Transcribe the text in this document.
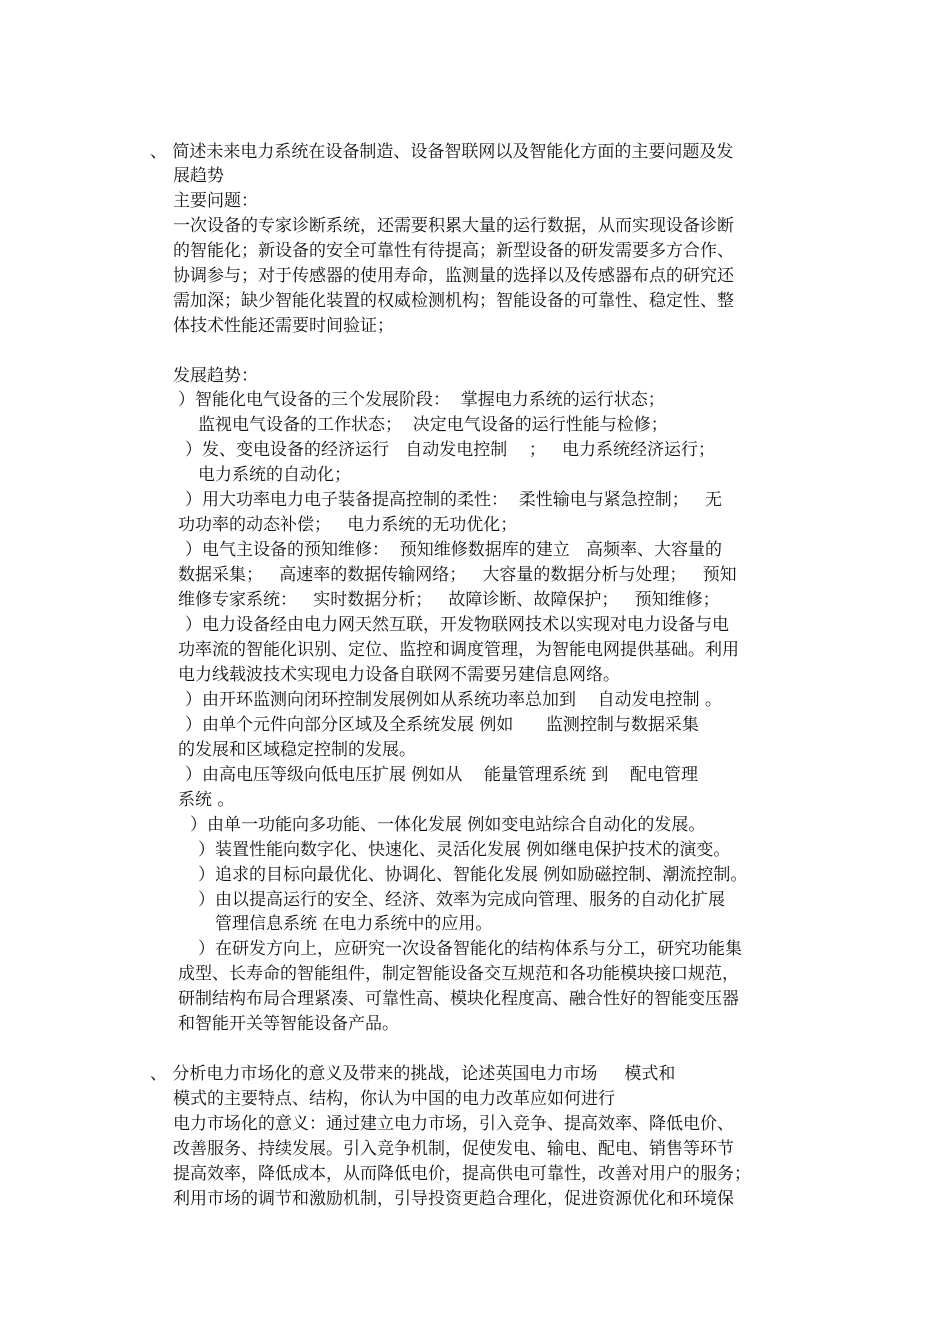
、 简述未来电力系统在设备制造、设备智联网以及智能化方面的主要问题及发
展趋势
主要问题：
一次设备的专家诊断系统，还需要积累大量的运行数据，从而实现设备诊断
的智能化；新设备的安全可靠性有待提高；新型设备的研发需要多方合作、
协调参与；对于传感器的使用寿命，监测量的选择以及传感器布点的研究还
需加深；缺少智能化装置的权威检测机构；智能设备的可靠性、稳定性、整
体技术性能还需要时间验证；
发展趋势：
）智能化电气设备的三个发展阶段：  掌握电力系统的运行状态；
监视电气设备的工作状态；  决定电气设备的运行性能与检修；
）发、变电设备的经济运行   自动发电控制    ；   电力系统经济运行；
电力系统的自动化；
）用大功率电力电子装备提高控制的柔性：  柔性输电与紧急控制；   无
功功率的动态补偿；   电力系统的无功优化；
）电气主设备的预知维修：  预知维修数据库的建立   高频率、大容量的
数据采集；   高速率的数据传输网络；   大容量的数据分析与处理；   预知
维修专家系统：   实时数据分析；   故障诊断、故障保护；   预知维修；
）电力设备经由电力网天然互联，开发物联网技术以实现对电力设备与电
功率流的智能化识别、定位、监控和调度管理，为智能电网提供基础。利用
电力线载波技术实现电力设备自联网不需要另建信息网络。
）由开环监测向闭环控制发展例如从系统功率总加到    自动发电控制 。
）由单个元件向部分区域及全系统发展 例如      监测控制与数据采集
的发展和区域稳定控制的发展。
）由高电压等级向低电压扩展 例如从    能量管理系统 到    配电管理
系统 。
）由单一功能向多功能、一体化发展 例如变电站综合自动化的发展。
）装置性能向数字化、快速化、灵活化发展 例如继电保护技术的演变。
）追求的目标向最优化、协调化、智能化发展 例如励磁控制、潮流控制。
）由以提高运行的安全、经济、效率为完成向管理、服务的自动化扩展
管理信息系统 在电力系统中的应用。
）在研发方向上，应研究一次设备智能化的结构体系与分工，研究功能集
成型、长寿命的智能组件，制定智能设备交互规范和各功能模块接口规范，
研制结构布局合理紧凑、可靠性高、模块化程度高、融合性好的智能变压器
和智能开关等智能设备产品。
、 分析电力市场化的意义及带来的挑战，论述英国电力市场     模式和
模式的主要特点、结构，你认为中国的电力改革应如何进行
电力市场化的意义：通过建立电力市场，引入竞争、提高效率、降低电价、
改善服务、持续发展。引入竞争机制，促使发电、输电、配电、销售等环节
提高效率，降低成本，从而降低电价，提高供电可靠性，改善对用户的服务；
利用市场的调节和激励机制，引导投资更趋合理化，促进资源优化和环境保
